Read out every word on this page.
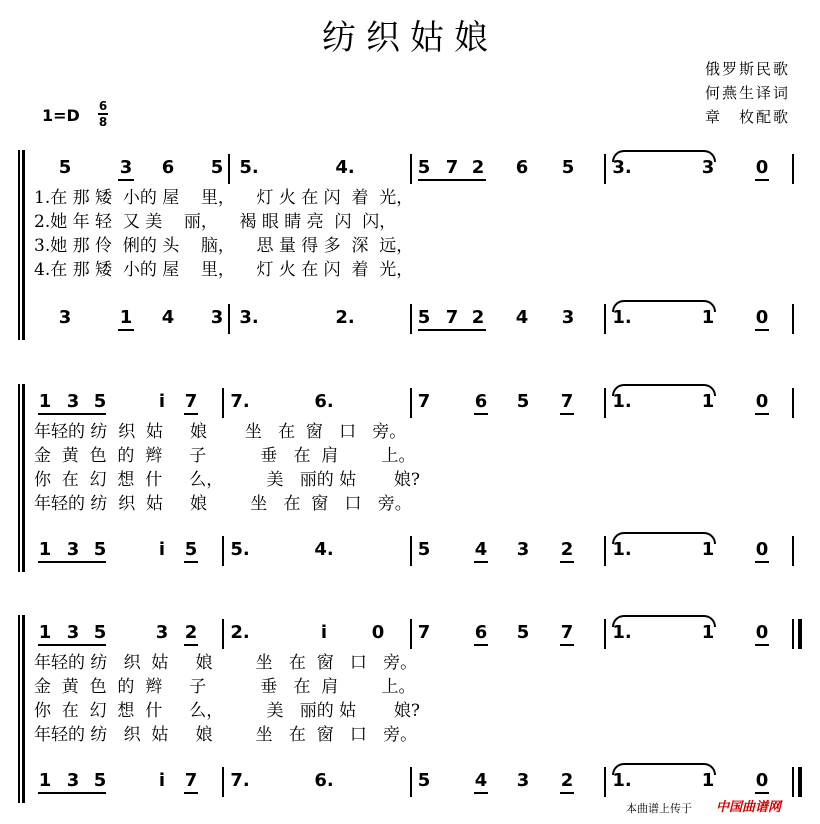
纺织姑娘
俄罗斯民歌
何燕生译词
章　枚配歌
1=D 6
8
5	3 6 5 5.	4.	5 7 2 6 5 3.	3 0
3	1 4 3 3.	2.	5 7 2 4 3 1.	1 0
1.在 那 矮  小的 屋    里，    灯 火 在 闪  着  光，
2.她 年 轻  又 美    丽，    褐 眼 睛 亮  闪  闪，
3.她 那 伶  俐的 头    脑，    思 量 得 多  深  远，
4.在 那 矮  小的 屋    里，    灯 火 在 闪  着  光，
1 3 5	i 7 7.	6.	7 6 5 7 1.	1 0
1 3 5	i 5 5.	4.	5 4 3 2 1.	1 0
年轻的 纺  织  姑     娘       坐   在  窗   口   旁。
金  黄  色  的  辫     子          垂   在  肩        上。
你  在  幻  想  什     么，        美   丽的 姑       娘?
年轻的 纺  织  姑     娘        坐   在  窗   口   旁。
1 3 5	3 2 2.	i 0 7 6 5 7 1.	1 0
1 3 5	i 7 7.	6.	5 4 3 2 1.	1 0
年轻的 纺   织  姑     娘        坐   在  窗   口   旁。
金  黄  色  的  辫     子          垂   在  肩        上。
你  在  幻  想  什     么，        美   丽的 姑       娘?
年轻的 纺   织  姑     娘        坐   在  窗   口   旁。
本曲谱上传于 中国曲谱网
